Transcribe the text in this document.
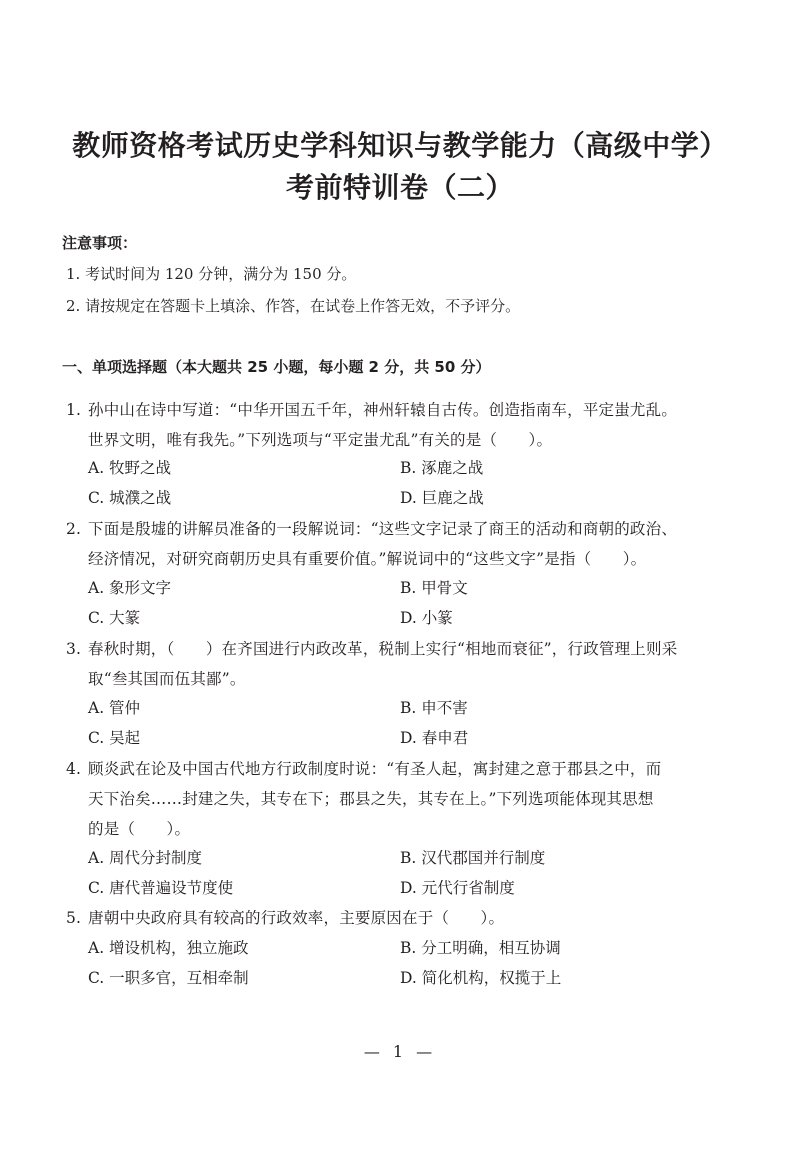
教师资格考试历史学科知识与教学能力（高级中学）
考前特训卷（二）
注意事项：
1. 考试时间为 120 分钟，满分为 150 分。
2. 请按规定在答题卡上填涂、作答，在试卷上作答无效，不予评分。
一、单项选择题（本大题共 25 小题，每小题 2 分，共 50 分）
1. 孙中山在诗中写道：“中华开国五千年，神州轩辕自古传。创造指南车，平定蚩尤乱。
世界文明，唯有我先。”下列选项与“平定蚩尤乱”有关的是（　　）。
A. 牧野之战	B. 涿鹿之战
C. 城濮之战	D. 巨鹿之战
2. 下面是殷墟的讲解员准备的一段解说词：“这些文字记录了商王的活动和商朝的政治、
经济情况，对研究商朝历史具有重要价值。”解说词中的“这些文字”是指（　　）。
A. 象形文字	B. 甲骨文
C. 大篆	D. 小篆
3. 春秋时期，（　　）在齐国进行内政改革，税制上实行“相地而衰征”，行政管理上则采
取“叁其国而伍其鄙”。
A. 管仲	B. 申不害
C. 吴起	D. 春申君
4. 顾炎武在论及中国古代地方行政制度时说：“有圣人起，寓封建之意于郡县之中，而
天下治矣……封建之失，其专在下；郡县之失，其专在上。”下列选项能体现其思想
的是（　　）。
A. 周代分封制度	B. 汉代郡国并行制度
C. 唐代普遍设节度使	D. 元代行省制度
5. 唐朝中央政府具有较高的行政效率，主要原因在于（　　）。
A. 增设机构，独立施政	B. 分工明确，相互协调
C. 一职多官，互相牵制	D. 简化机构，权揽于上
— 1 —
